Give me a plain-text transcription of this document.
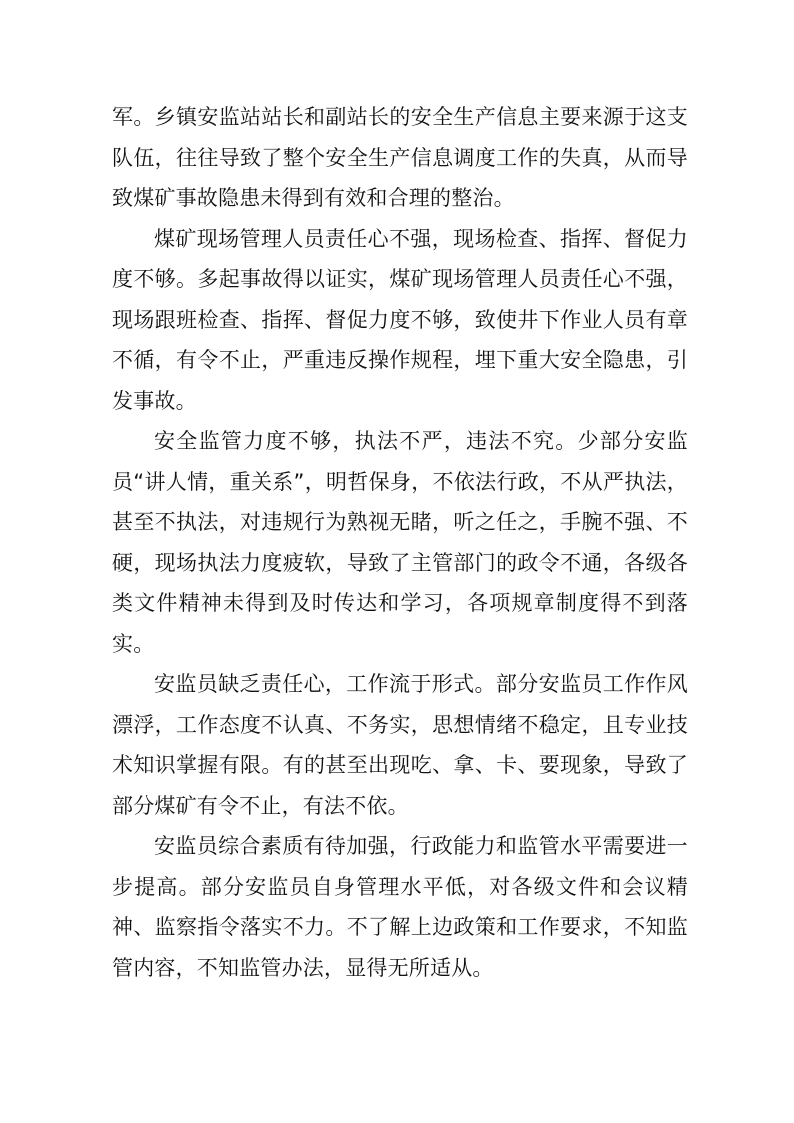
军。乡镇安监站站长和副站长的安全生产信息主要来源于这支队伍，往往导致了整个安全生产信息调度工作的失真，从而导致煤矿事故隐患未得到有效和合理的整治。

煤矿现场管理人员责任心不强，现场检查、指挥、督促力度不够。多起事故得以证实，煤矿现场管理人员责任心不强，现场跟班检查、指挥、督促力度不够，致使井下作业人员有章不循，有令不止，严重违反操作规程，埋下重大安全隐患，引发事故。

安全监管力度不够，执法不严，违法不究。少部分安监员“讲人情，重关系”，明哲保身，不依法行政，不从严执法，甚至不执法，对违规行为熟视无睹，听之任之，手腕不强、不硬，现场执法力度疲软，导致了主管部门的政令不通，各级各类文件精神未得到及时传达和学习，各项规章制度得不到落实。

安监员缺乏责任心，工作流于形式。部分安监员工作作风漂浮，工作态度不认真、不务实，思想情绪不稳定，且专业技术知识掌握有限。有的甚至出现吃、拿、卡、要现象，导致了部分煤矿有令不止，有法不依。

安监员综合素质有待加强，行政能力和监管水平需要进一步提高。部分安监员自身管理水平低，对各级文件和会议精神、监察指令落实不力。不了解上边政策和工作要求，不知监管内容，不知监管办法，显得无所适从。
